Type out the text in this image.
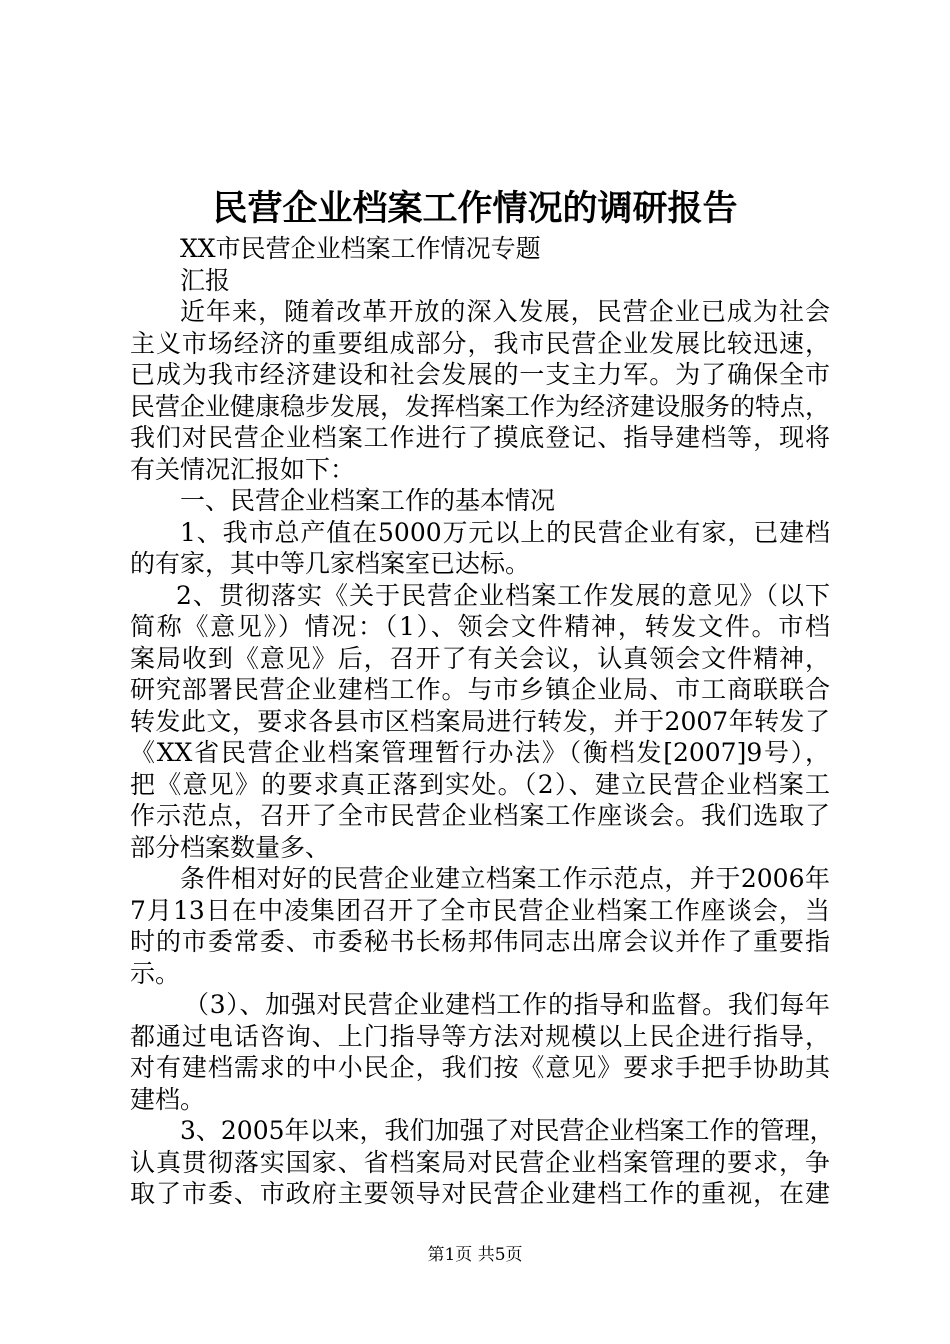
民营企业档案工作情况的调研报告
XX市民营企业档案工作情况专题
汇报
近年来，随着改革开放的深入发展，民营企业已成为社会
主义市场经济的重要组成部分，我市民营企业发展比较迅速，
已成为我市经济建设和社会发展的一支主力军。为了确保全市
民营企业健康稳步发展，发挥档案工作为经济建设服务的特点，
我们对民营企业档案工作进行了摸底登记、指导建档等，现将
有关情况汇报如下：
一、民营企业档案工作的基本情况
1、我市总产值在5000万元以上的民营企业有家，已建档
的有家，其中等几家档案室已达标。
2、贯彻落实《关于民营企业档案工作发展的意见》（以下
简称《意见》）情况：（1）、领会文件精神，转发文件。市档
案局收到《意见》后，召开了有关会议，认真领会文件精神，
研究部署民营企业建档工作。与市乡镇企业局、市工商联联合
转发此文，要求各县市区档案局进行转发，并于2007年转发了
《XX省民营企业档案管理暂行办法》（衡档发[2007]9号），
把《意见》的要求真正落到实处。（2）、建立民营企业档案工
作示范点，召开了全市民营企业档案工作座谈会。我们选取了
部分档案数量多、
条件相对好的民营企业建立档案工作示范点，并于2006年
7月13日在中凌集团召开了全市民营企业档案工作座谈会，当
时的市委常委、市委秘书长杨邦伟同志出席会议并作了重要指
示。
（3）、加强对民营企业建档工作的指导和监督。我们每年
都通过电话咨询、上门指导等方法对规模以上民企进行指导，
对有建档需求的中小民企，我们按《意见》要求手把手协助其
建档。
3、2005年以来，我们加强了对民营企业档案工作的管理，
认真贯彻落实国家、省档案局对民营企业档案管理的要求，争
取了市委、市政府主要领导对民营企业建档工作的重视，在建
第1页 共5页
